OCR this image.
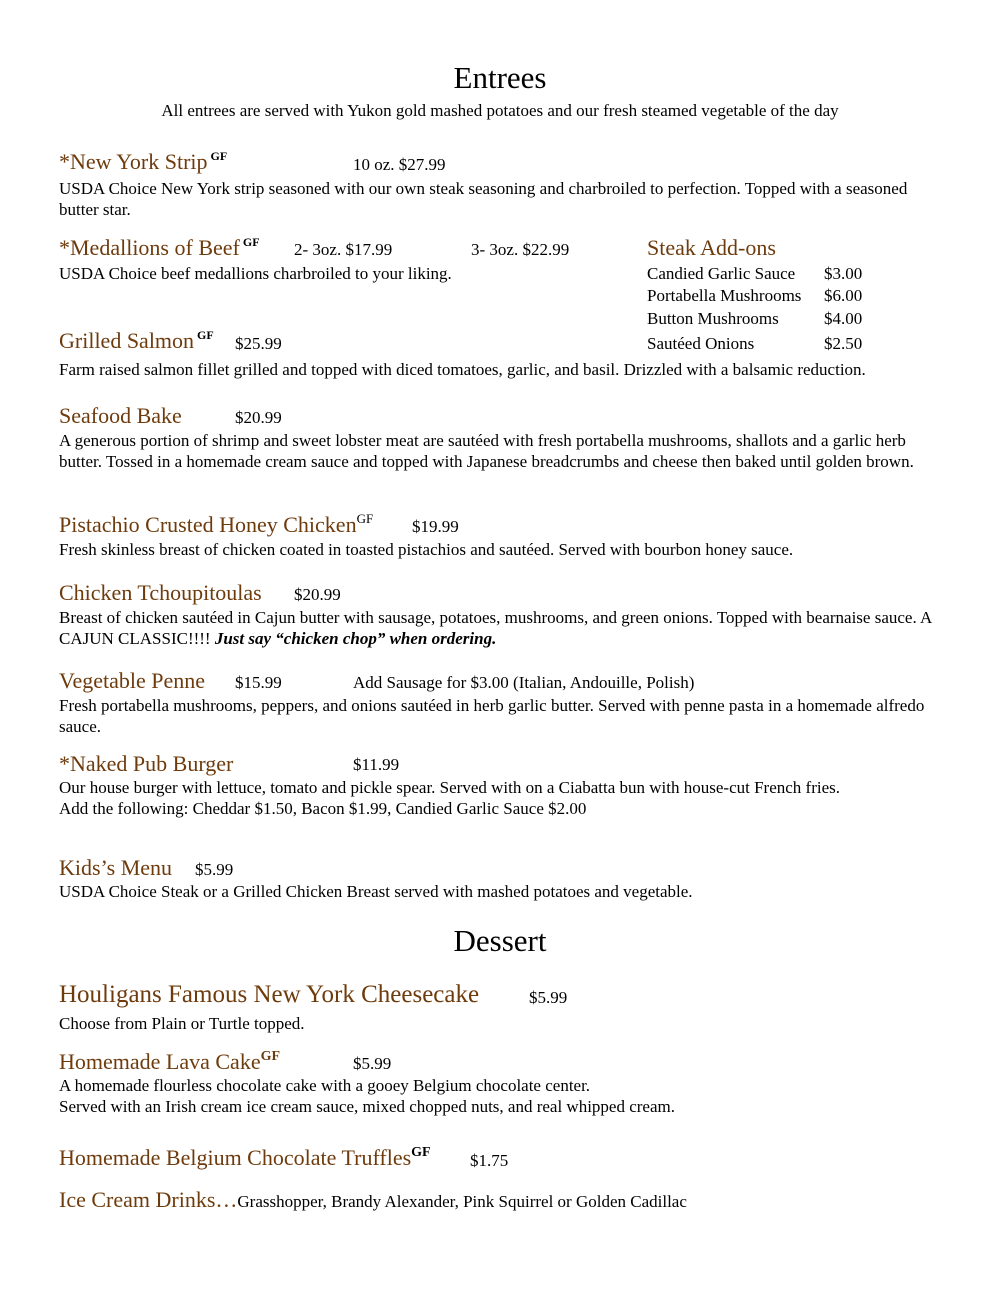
Entrees
All entrees are served with Yukon gold mashed potatoes and our fresh steamed vegetable of the day
*New York Strip $^{GF}$	10 oz. $27.99
USDA Choice New York strip seasoned with our own steak seasoning and charbroiled to perfection. Topped with a seasoned butter star.
*Medallions of Beef $^{GF}$ 2- 3oz. $17.99	3- 3oz. $22.99
USDA Choice beef medallions charbroiled to your liking.
Steak Add-ons
Candied Garlic Sauce $3.00
Portabella Mushrooms $6.00
Button Mushrooms	$4.00
Sautéed Onions	$2.50
Grilled Salmon $^{GF}$ $25.99
Farm raised salmon fillet grilled and topped with diced tomatoes, garlic, and basil. Drizzled with a balsamic reduction.
Seafood Bake	$20.99
A generous portion of shrimp and sweet lobster meat are sautéed with fresh portabella mushrooms, shallots and a garlic herb butter. Tossed in a homemade cream sauce and topped with Japanese breadcrumbs and cheese then baked until golden brown.
Pistachio Crusted Honey Chicken$^{GF}$ $19.99
Fresh skinless breast of chicken coated in toasted pistachios and sautéed. Served with bourbon honey sauce.
Chicken Tchoupitoulas $20.99
Breast of chicken sautéed in Cajun butter with sausage, potatoes, mushrooms, and green onions. Topped with bearnaise sauce. A CAJUN CLASSIC!!!! Just say “chicken chop” when ordering.
Vegetable Penne $15.99	Add Sausage for $3.00 (Italian, Andouille, Polish)
Fresh portabella mushrooms, peppers, and onions sautéed in herb garlic butter. Served with penne pasta in a homemade alfredo sauce.
*Naked Pub Burger	$11.99
Our house burger with lettuce, tomato and pickle spear. Served with on a Ciabatta bun with house-cut French fries.
Add the following: Cheddar $1.50, Bacon $1.99, Candied Garlic Sauce $2.00
Kids’s Menu $5.99
USDA Choice Steak or a Grilled Chicken Breast served with mashed potatoes and vegetable.
Dessert
Houligans Famous New York Cheesecake	$5.99
Choose from Plain or Turtle topped.
Homemade Lava Cake$^{GF}$	$5.99
A homemade flourless chocolate cake with a gooey Belgium chocolate center.
Served with an Irish cream ice cream sauce, mixed chopped nuts, and real whipped cream.
Homemade Belgium Chocolate Truffles$^{GF}$ $1.75
Ice Cream Drinks…Grasshopper, Brandy Alexander, Pink Squirrel or Golden Cadillac
